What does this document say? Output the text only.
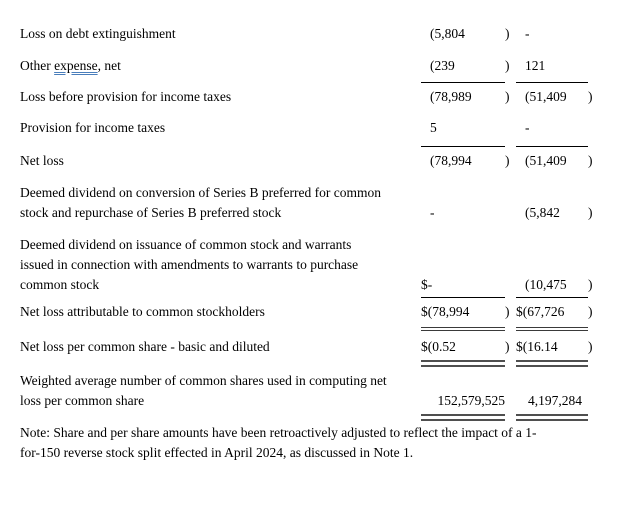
Loss on debt extinguishment	(5,804	)	-
Other expense, net	(239	)	121
Loss before provision for income taxes	(78,989 )	(51,409 )
Provision for income taxes	5	-
Net loss	(78,994 )	(51,409 )
Deemed dividend on conversion of Series B preferred for common
stock and repurchase of Series B preferred stock	-	(5,842 )
Deemed dividend on issuance of common stock and warrants
issued in connection with amendments to warrants to purchase
common stock	$-	(10,475 )
Net loss attributable to common stockholders	$(78,994	) $(67,726 )
Net loss per common share - basic and diluted	$(0.52	) $(16.14 )
Weighted average number of common shares used in computing net
loss per common share	152,579,525 4,197,284

Note: Share and per share amounts have been retroactively adjusted to reflect the impact of a 1-
for-150 reverse stock split effected in April 2024, as discussed in Note 1.
